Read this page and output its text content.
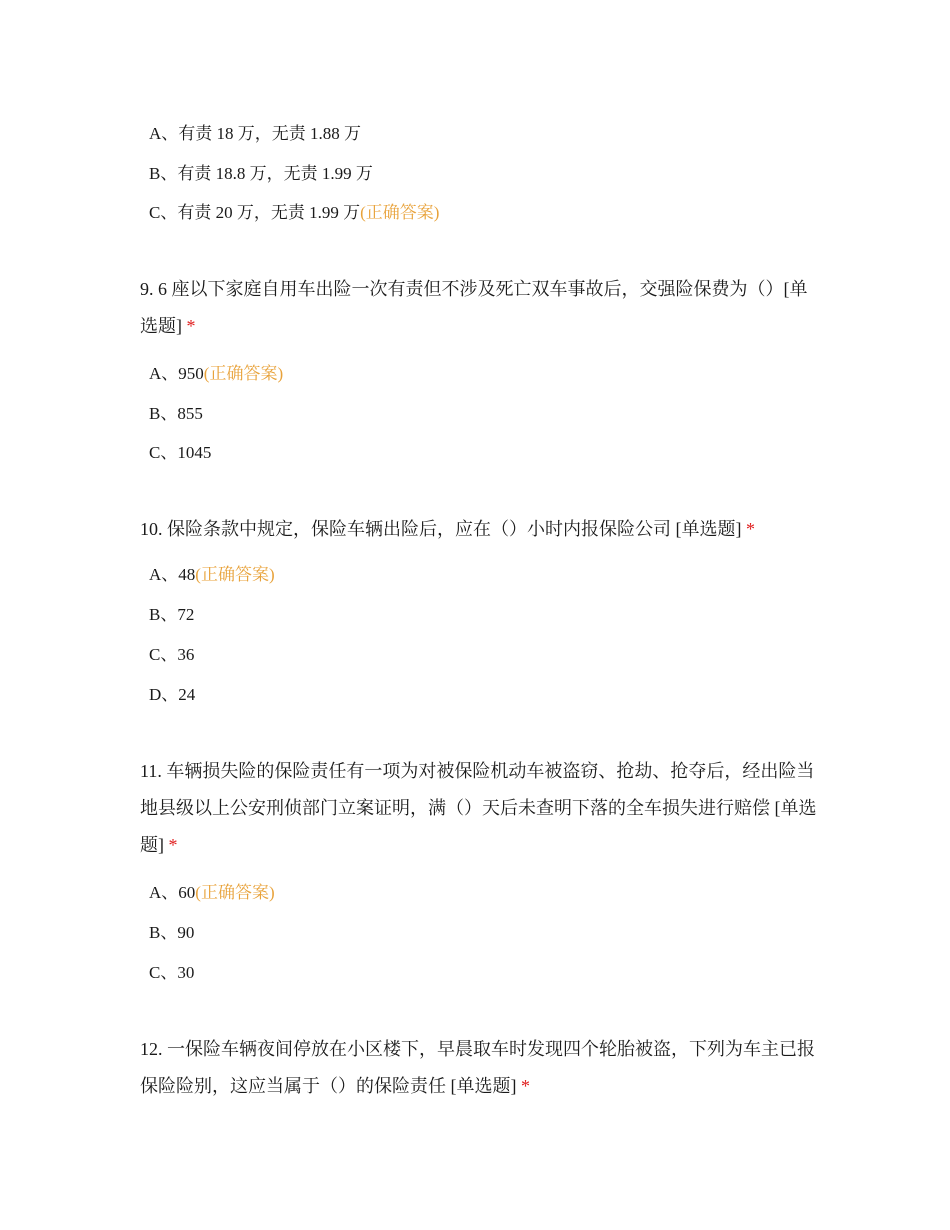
A、有责 18 万，无责 1.88 万
B、有责 18.8 万，无责 1.99 万
C、有责 20 万，无责 1.99 万(正确答案)
9. 6 座以下家庭自用车出险一次有责但不涉及死亡双车事故后，交强险保费为（）[单选题] *
A、950(正确答案)
B、855
C、1045
10. 保险条款中规定，保险车辆出险后，应在（）小时内报保险公司 [单选题] *
A、48(正确答案)
B、72
C、36
D、24
11. 车辆损失险的保险责任有一项为对被保险机动车被盗窃、抢劫、抢夺后，经出险当地县级以上公安刑侦部门立案证明，满（）天后未查明下落的全车损失进行赔偿 [单选题] *
A、60(正确答案)
B、90
C、30
12. 一保险车辆夜间停放在小区楼下，早晨取车时发现四个轮胎被盗，下列为车主已报保险险别，这应当属于（）的保险责任 [单选题] *
